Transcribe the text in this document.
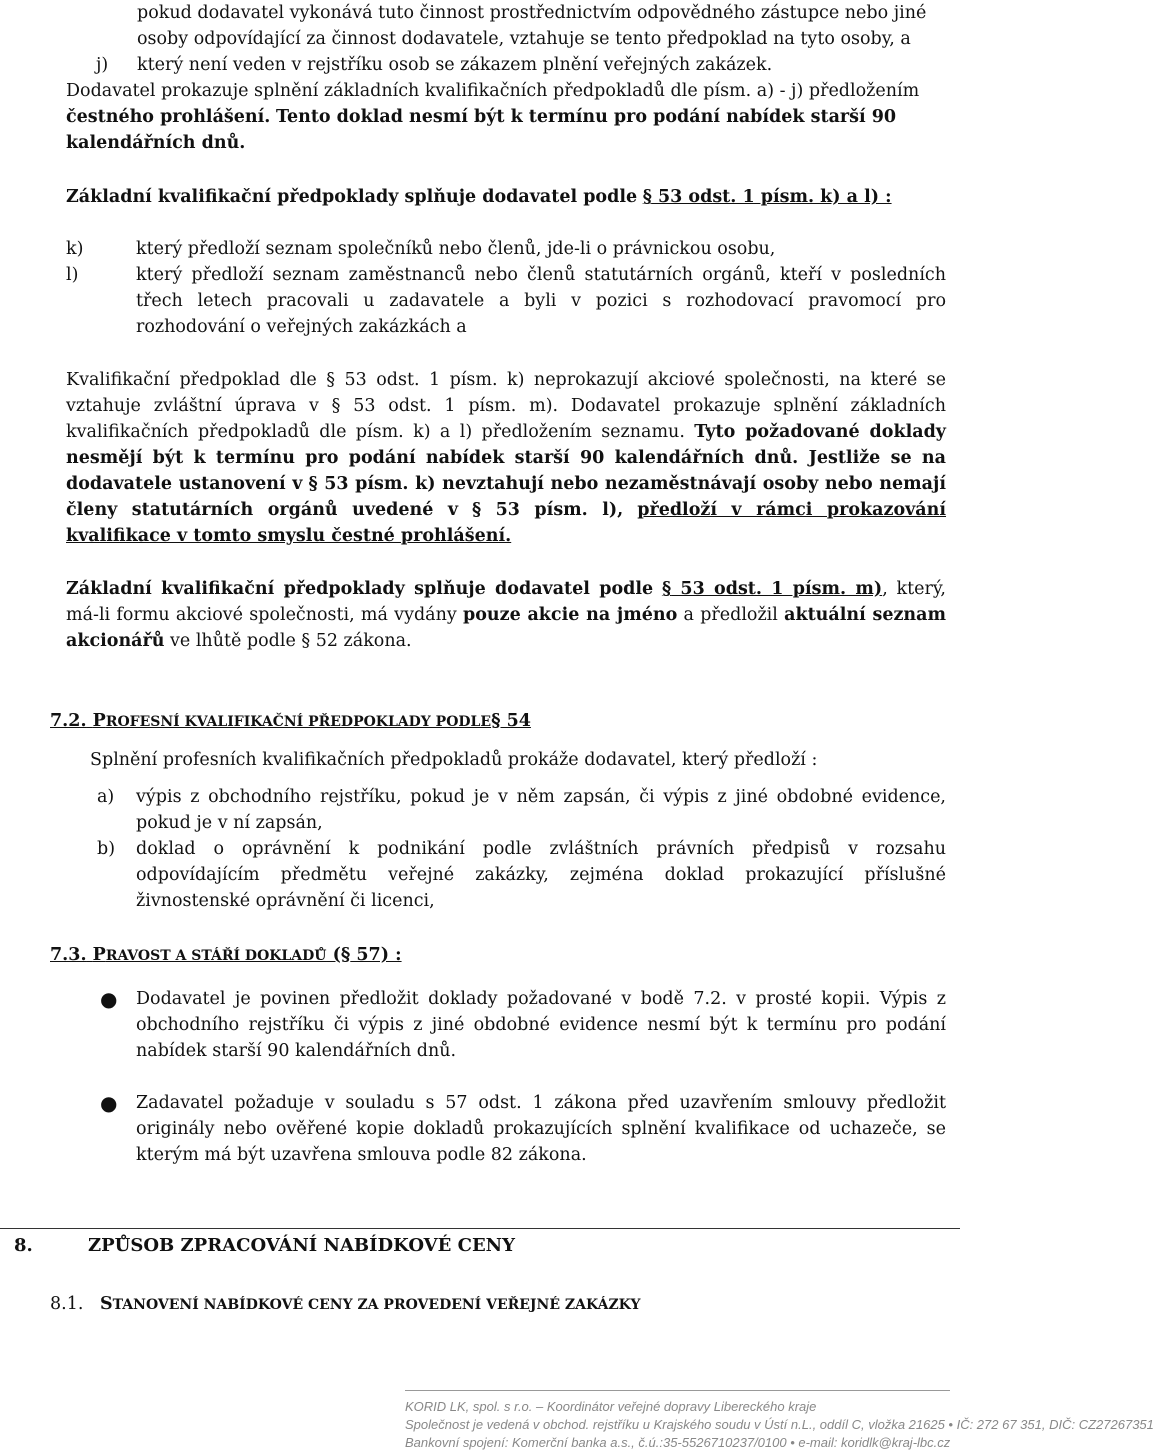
pokud dodavatel vykonává tuto činnost prostřednictvím odpovědného zástupce nebo jiné
osoby odpovídající za činnost dodavatele, vztahuje se tento předpoklad na tyto osoby, a
j) který není veden v rejstříku osob se zákazem plnění veřejných zakázek.
Dodavatel prokazuje splnění základních kvalifikačních předpokladů dle písm. a) - j) předložením čestného prohlášení. Tento doklad nesmí být k termínu pro podání nabídek starší 90 kalendářních dnů.
Základní kvalifikační předpoklady splňuje dodavatel podle § 53 odst. 1 písm. k) a l) :
k)	který předloží seznam společníků nebo členů, jde-li o právnickou osobu,
l)	který předloží seznam zaměstnanců nebo členů statutárních orgánů, kteří v posledních třech letech pracovali u zadavatele a byli v pozici s rozhodovací pravomocí pro rozhodování o veřejných zakázkách a
Kvalifikační předpoklad dle § 53 odst. 1 písm. k) neprokazují akciové společnosti, na které se vztahuje zvláštní úprava v § 53 odst. 1 písm. m). Dodavatel prokazuje splnění základních kvalifikačních předpokladů dle písm. k) a l) předložením seznamu. Tyto požadované doklady nesmějí být k termínu pro podání nabídek starší 90 kalendářních dnů. Jestliže se na dodavatele ustanovení v § 53 písm. k) nevztahují nebo nezaměstnávají osoby nebo nemají členy statutárních orgánů uvedené v § 53 písm. l), předloží v rámci prokazování kvalifikace v tomto smyslu čestné prohlášení.
Základní kvalifikační předpoklady splňuje dodavatel podle § 53 odst. 1 písm. m), který, má-li formu akciové společnosti, má vydány pouze akcie na jméno a předložil aktuální seznam akcionářů ve lhůtě podle § 52 zákona.
7.2. PROFESNÍ KVALIFIKAČNÍ PŘEDPOKLADY PODLE§ 54
Splnění profesních kvalifikačních předpokladů prokáže dodavatel, který předloží :
a) výpis z obchodního rejstříku, pokud je v něm zapsán, či výpis z jiné obdobné evidence, pokud je v ní zapsán,
b) doklad o oprávnění k podnikání podle zvláštních právních předpisů v rozsahu odpovídajícím předmětu veřejné zakázky, zejména doklad prokazující příslušné živnostenské oprávnění či licenci,
7.3. PRAVOST A STÁŘÍ DOKLADŮ (§ 57) :
● Dodavatel je povinen předložit doklady požadované v bodě 7.2. v prosté kopii. Výpis z obchodního rejstříku či výpis z jiné obdobné evidence nesmí být k termínu pro podání nabídek starší 90 kalendářních dnů.
● Zadavatel požaduje v souladu s 57 odst. 1 zákona před uzavřením smlouvy předložit originály nebo ověřené kopie dokladů prokazujících splnění kvalifikace od uchazeče, se kterým má být uzavřena smlouva podle 82 zákona.
8.	ZPŮSOB ZPRACOVÁNÍ NABÍDKOVÉ CENY
8.1. STANOVENÍ NABÍDKOVÉ CENY ZA PROVEDENÍ VEŘEJNÉ ZAKÁZKY
KORID LK, spol. s r.o. – Koordinátor veřejné dopravy Libereckého kraje
Společnost je vedená v obchod. rejstříku u Krajského soudu v Ústí n.L., oddíl C, vložka 21625 • IČ: 272 67 351, DIČ: CZ27267351
Bankovní spojení: Komerční banka a.s., č.ú.:35-5526710237/0100 • e-mail: koridlk@kraj-lbc.cz
